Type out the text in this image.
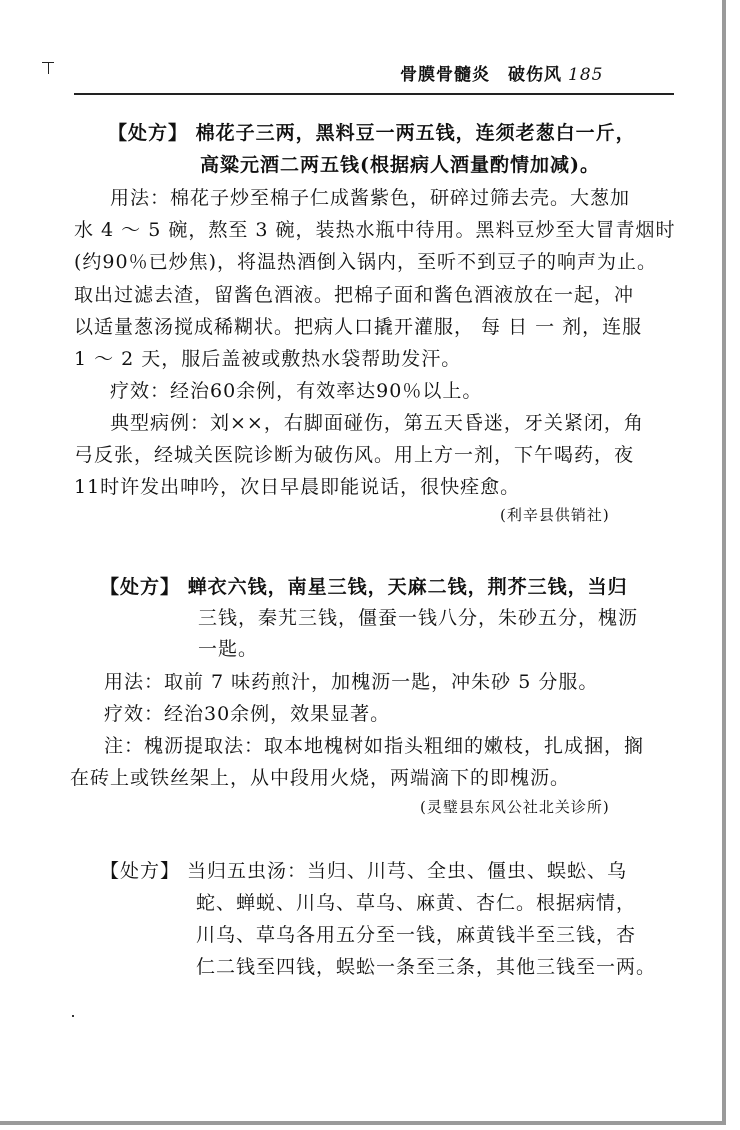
骨膜骨髓炎　破伤风 185
【处方】 棉花子三两，黑料豆一两五钱，连须老葱白一斤，
高粱元酒二两五钱(根据病人酒量酌情加减)。
用法：棉花子炒至棉子仁成酱紫色，研碎过筛去壳。大葱加
水 4 ～ 5 碗，熬至 3 碗，装热水瓶中待用。黑料豆炒至大冒青烟时
(约90％已炒焦)，将温热酒倒入锅内，至听不到豆子的响声为止。
取出过滤去渣，留酱色酒液。把棉子面和酱色酒液放在一起，冲
以适量葱汤搅成稀糊状。把病人口撬开灌服， 每 日 一 剂，连服
1 ～ 2 天，服后盖被或敷热水袋帮助发汗。
疗效：经治60余例，有效率达90％以上。
典型病例：刘××，右脚面碰伤，第五天昏迷，牙关紧闭，角
弓反张，经城关医院诊断为破伤风。用上方一剂，下午喝药，夜
11时许发出呻吟，次日早晨即能说话，很快痊愈。
(利辛县供销社)
【处方】 蝉衣六钱，南星三钱，天麻二钱，荆芥三钱，当归
三钱，秦艽三钱，僵蚕一钱八分，朱砂五分，槐沥
一匙。
用法：取前 7 味药煎汁，加槐沥一匙，冲朱砂 5 分服。
疗效：经治30余例，效果显著。
注：槐沥提取法：取本地槐树如指头粗细的嫩枝，扎成捆，搁
在砖上或铁丝架上，从中段用火烧，两端滴下的即槐沥。
(灵璧县东风公社北关诊所)
【处方】 当归五虫汤：当归、川芎、全虫、僵虫、蜈蚣、乌
蛇、蝉蜕、川乌、草乌、麻黄、杏仁。根据病情，
川乌、草乌各用五分至一钱，麻黄钱半至三钱，杏
仁二钱至四钱，蜈蚣一条至三条，其他三钱至一两。
